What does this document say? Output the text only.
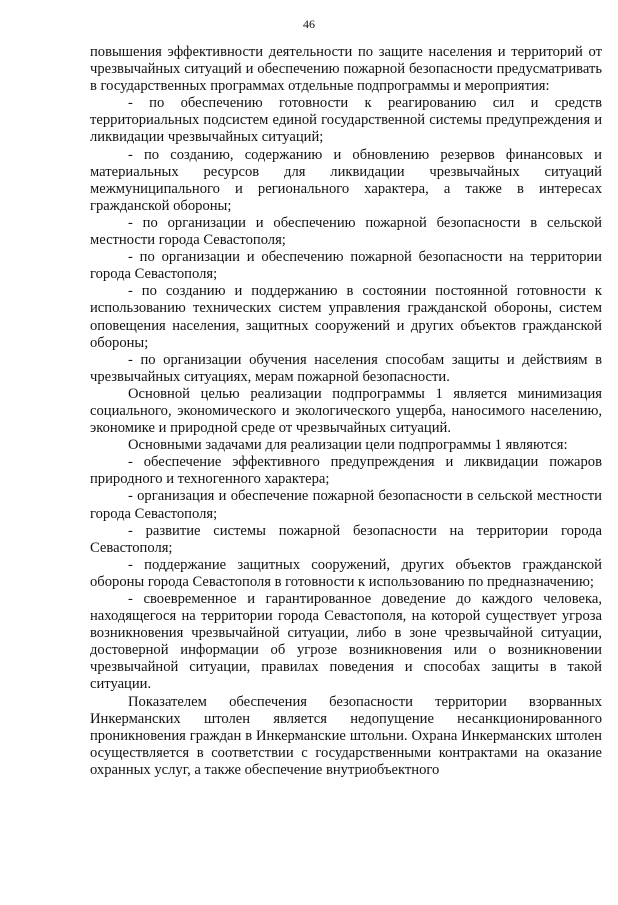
46

повышения эффективности деятельности по защите населения и территорий от чрезвычайных ситуаций и обеспечению пожарной безопасности предусматривать в государственных программах отдельные подпрограммы и мероприятия:

- по обеспечению готовности к реагированию сил и средств территориальных подсистем единой государственной системы предупреждения и ликвидации чрезвычайных ситуаций;

- по созданию, содержанию и обновлению резервов финансовых и материальных ресурсов для ликвидации чрезвычайных ситуаций межмуниципального и регионального характера, а также в интересах гражданской обороны;

- по организации и обеспечению пожарной безопасности в сельской местности города Севастополя;

- по организации и обеспечению пожарной безопасности на территории города Севастополя;

- по созданию и поддержанию в состоянии постоянной готовности к использованию технических систем управления гражданской обороны, систем оповещения населения, защитных сооружений и других объектов гражданской обороны;

- по организации обучения населения способам защиты и действиям в чрезвычайных ситуациях, мерам пожарной безопасности.

Основной целью реализации подпрограммы 1 является минимизация социального, экономического и экологического ущерба, наносимого населению, экономике и природной среде от чрезвычайных ситуаций.

Основными задачами для реализации цели подпрограммы 1 являются:

- обеспечение эффективного предупреждения и ликвидации пожаров природного и техногенного характера;

- организация и обеспечение пожарной безопасности в сельской местности города Севастополя;

- развитие системы пожарной безопасности на территории города Севастополя;

- поддержание защитных сооружений, других объектов гражданской обороны города Севастополя в готовности к использованию по предназначению;

- своевременное и гарантированное доведение до каждого человека, находящегося на территории города Севастополя, на которой существует угроза возникновения чрезвычайной ситуации, либо в зоне чрезвычайной ситуации, достоверной информации об угрозе возникновения или о возникновении чрезвычайной ситуации, правилах поведения и способах защиты в такой ситуации.

Показателем обеспечения безопасности территории взорванных Инкерманских штолен является недопущение несанкционированного проникновения граждан в Инкерманские штольни. Охрана Инкерманских штолен осуществляется в соответствии с государственными контрактами на оказание охранных услуг, а также обеспечение внутриобъектного
